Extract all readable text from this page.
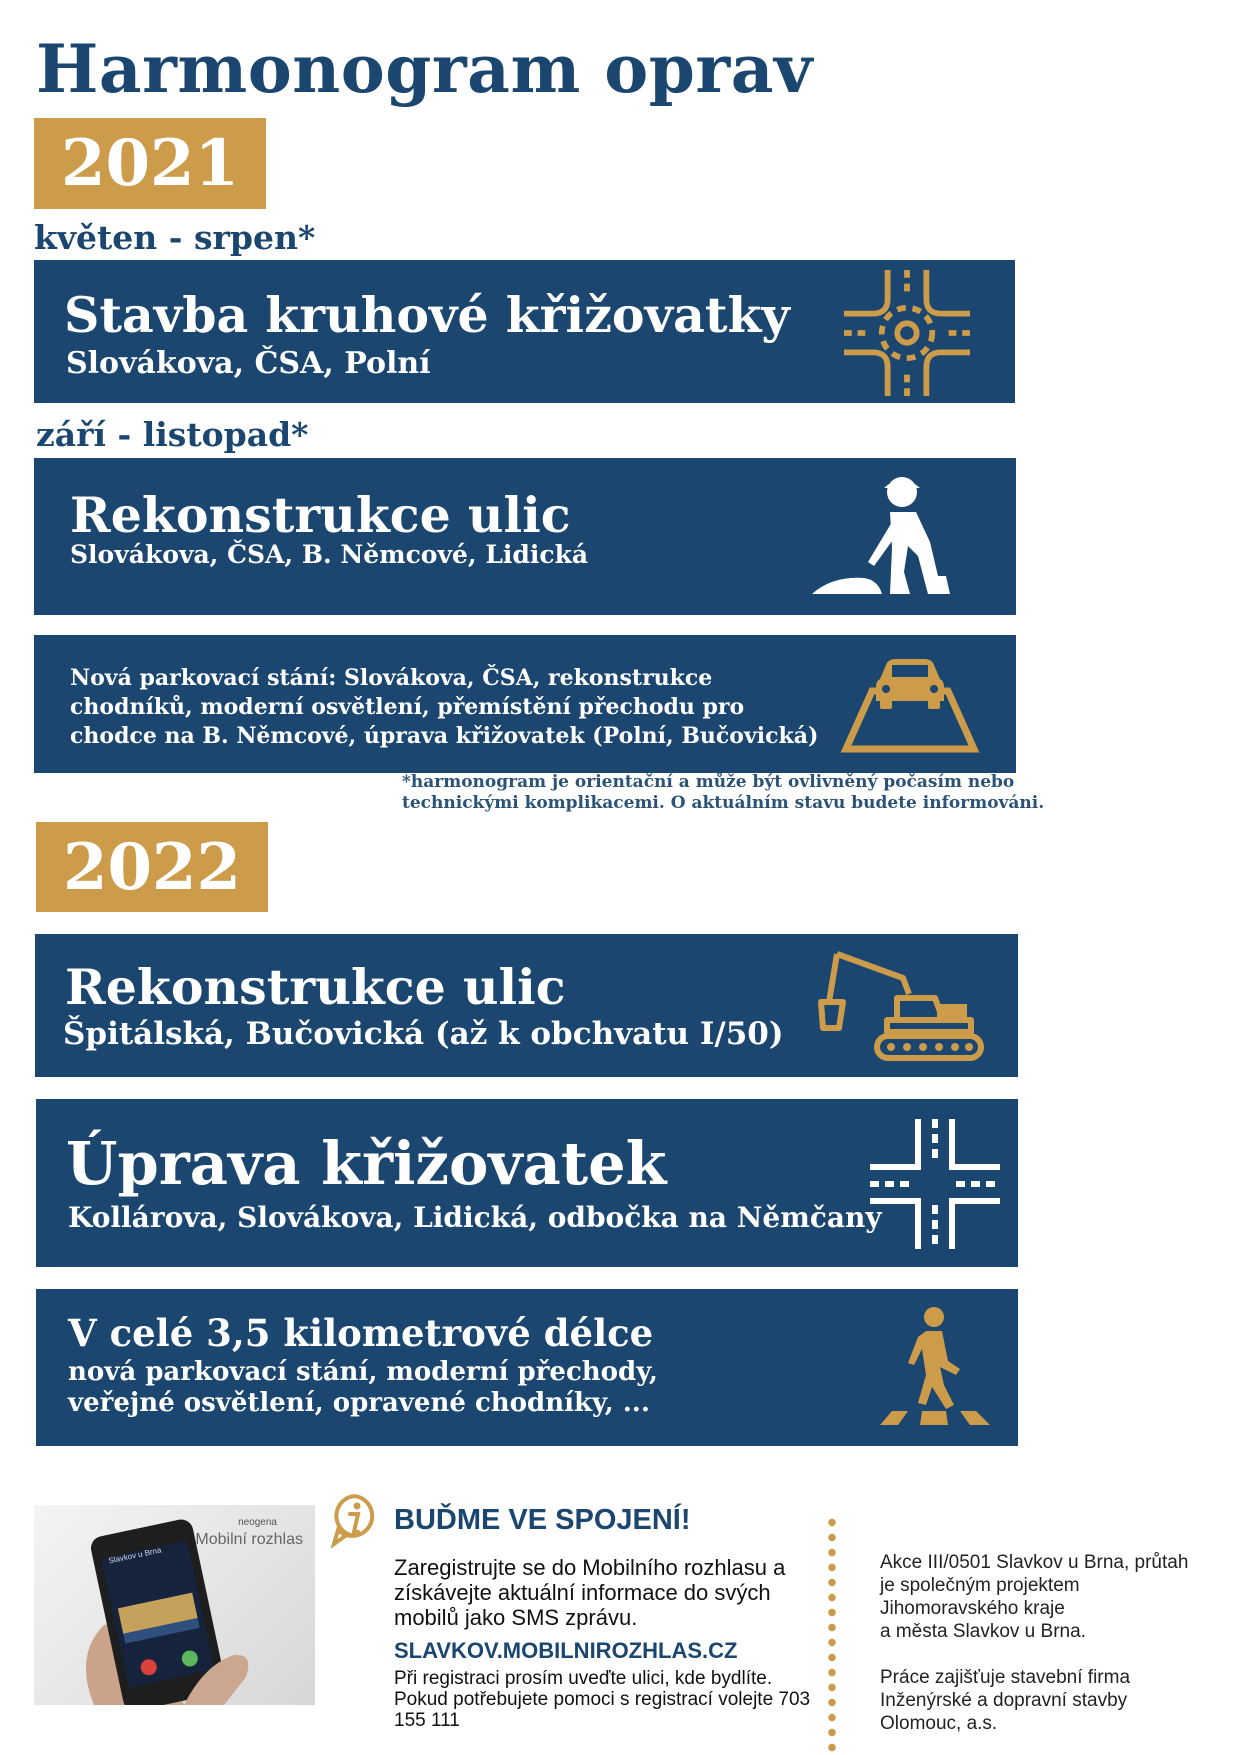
Harmonogram oprav
2021
květen - srpen*
Stavba kruhové křižovatky
Slovákova, ČSA, Polní
září - listopad*
Rekonstrukce ulic
Slovákova, ČSA, B. Němcové, Lidická
Nová parkovací stání: Slovákova, ČSA, rekonstrukce
chodníků, moderní osvětlení, přemístění přechodu pro
chodce na B. Němcové, úprava křižovatek (Polní, Bučovická)
*harmonogram je orientační a může být ovlivněný počasím nebo
technickými komplikacemi. O aktuálním stavu budete informováni.
2022
Rekonstrukce ulic
Špitálská, Bučovická (až k obchvatu I/50)
Úprava křižovatek
Kollárova, Slovákova, Lidická, odbočka na Němčany
V celé 3,5 kilometrové délce
nová parkovací stání, moderní přechody,
veřejné osvětlení, opravené chodníky, ...
neogena
Mobilní rozhlas
Slavkov u Brna
BUĎME VE SPOJENÍ!
Zaregistrujte se do Mobilního rozhlasu a získávejte aktuální informace do svých mobilů jako SMS zprávu.
SLAVKOV.MOBILNIROZHLAS.CZ
Při registraci prosím uveďte ulici, kde bydlíte. Pokud potřebujete pomoci s registrací volejte 703 155 111
Akce III/0501 Slavkov u Brna, průtah
je společným projektem
Jihomoravského kraje
a města Slavkov u Brna.
Práce zajišťuje stavební firma
Inženýrské a dopravní stavby
Olomouc, a.s.
